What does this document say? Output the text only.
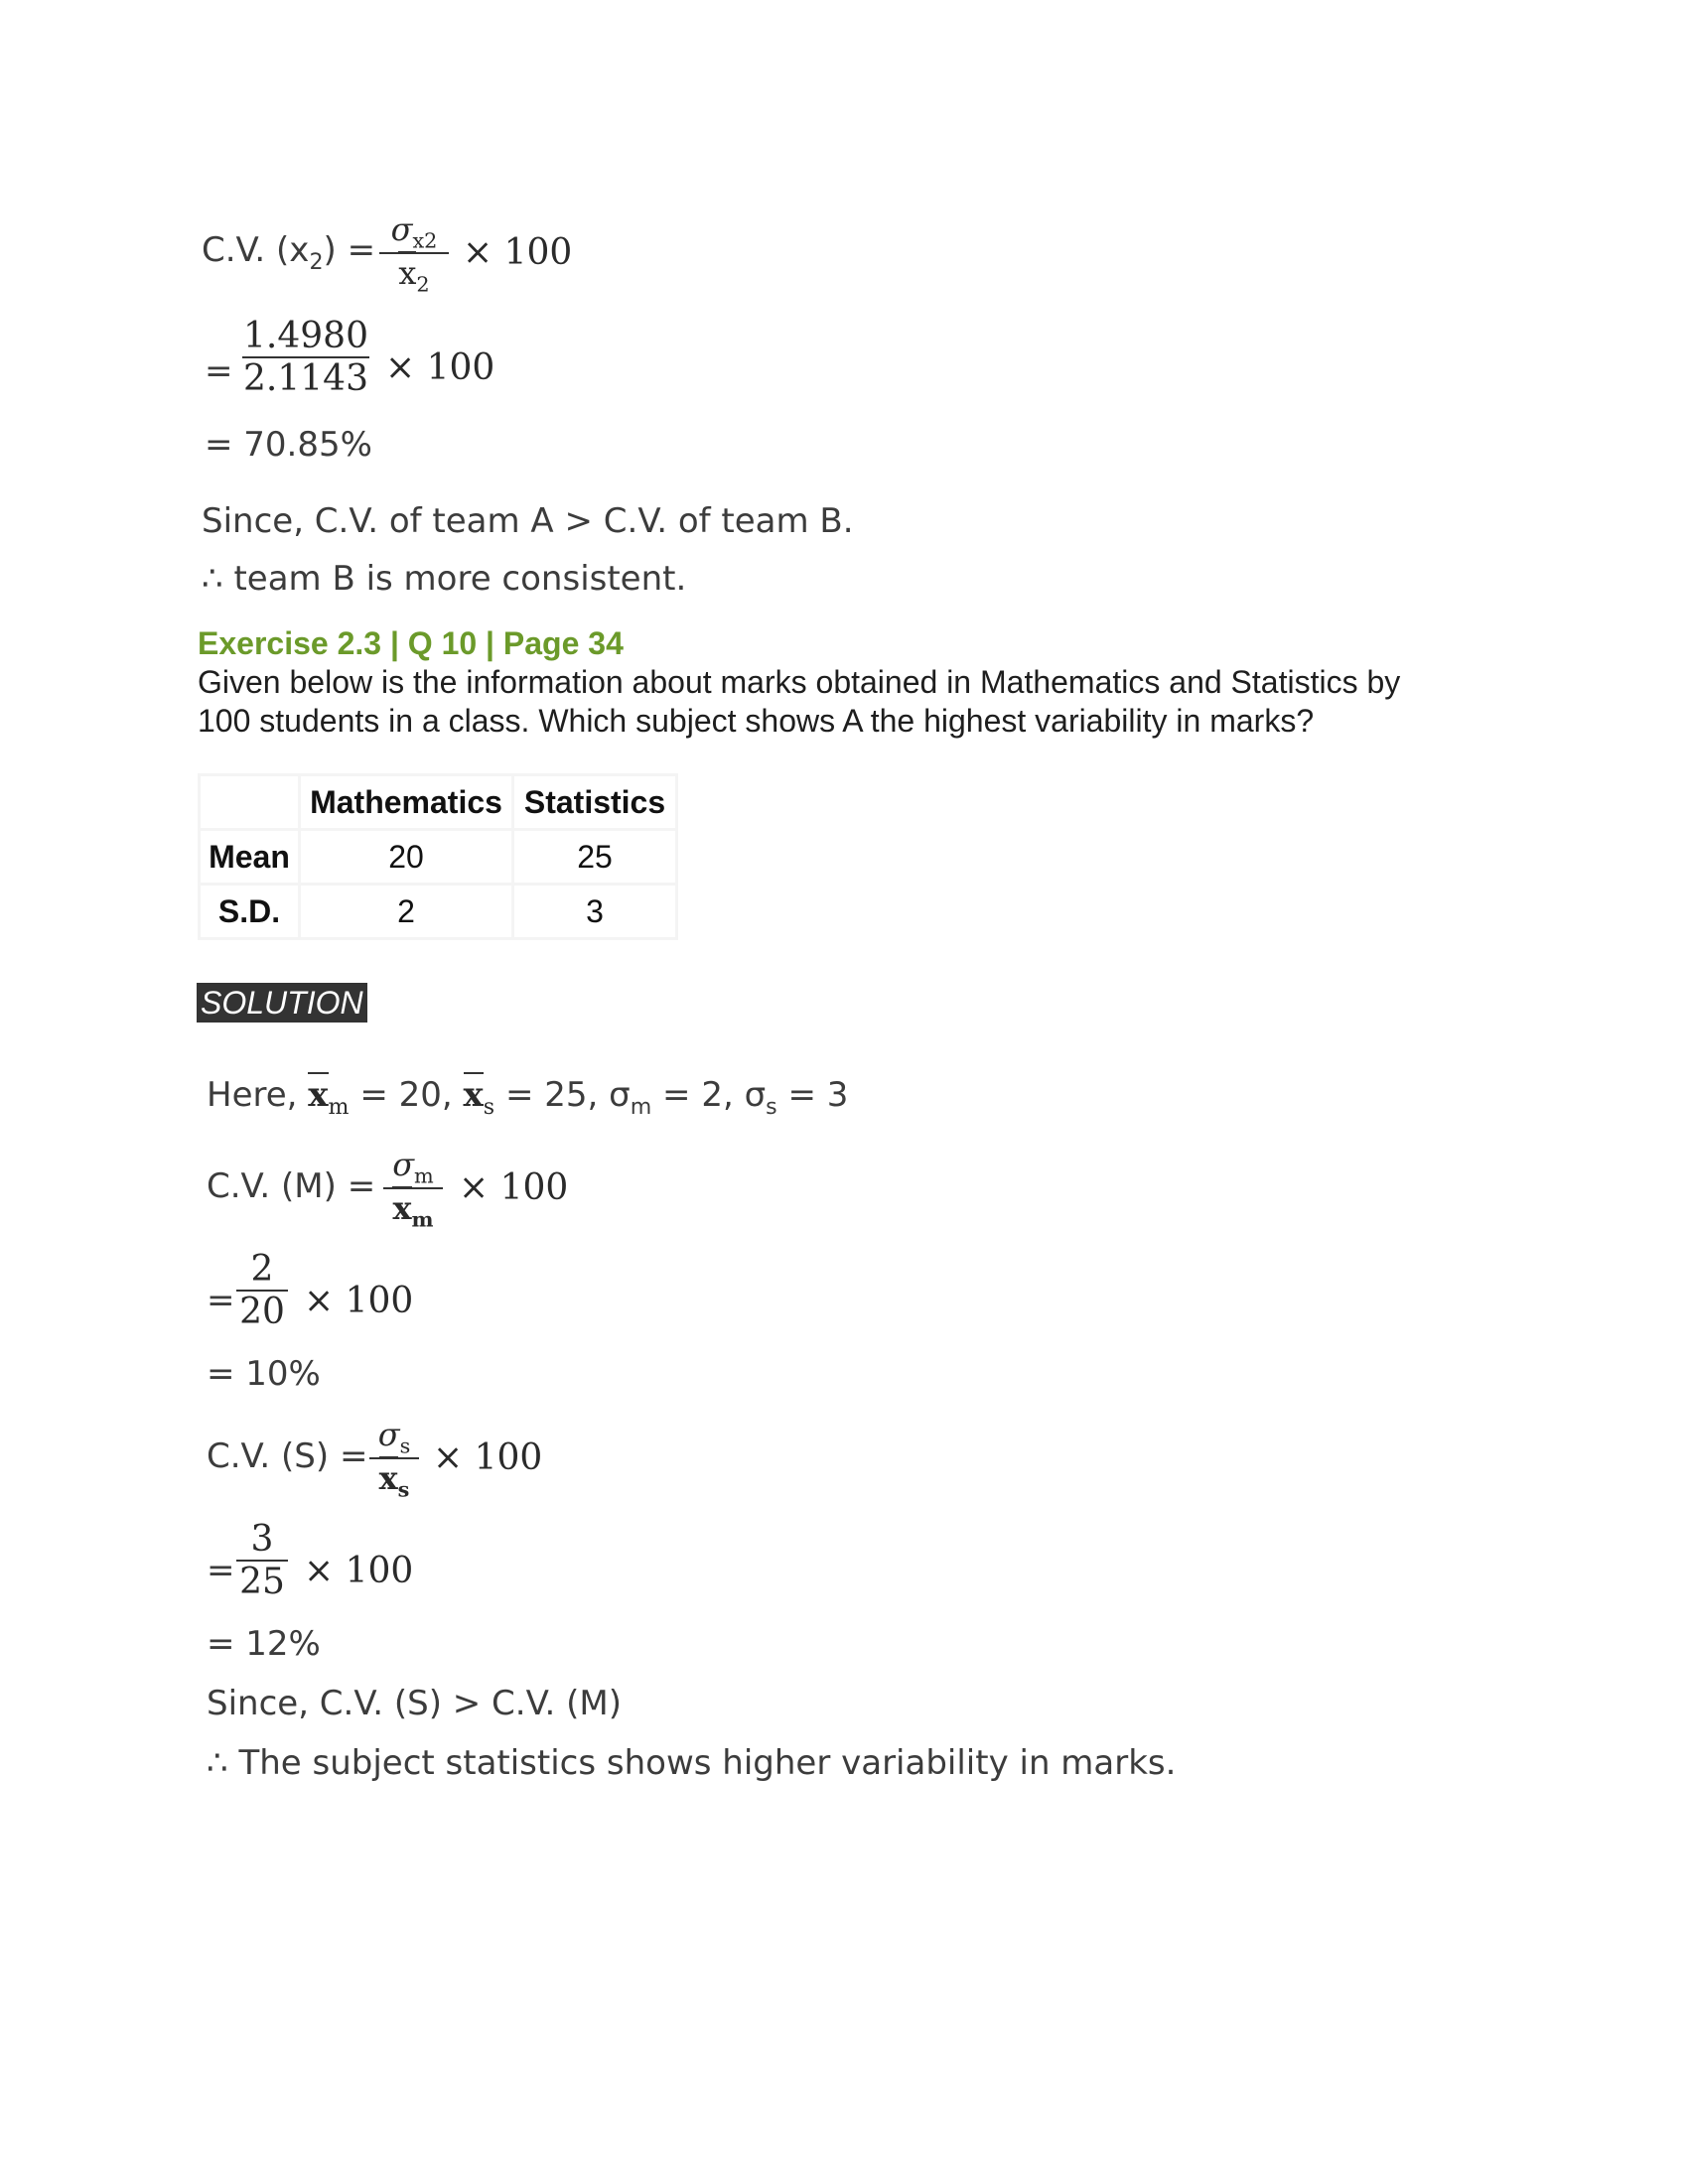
C.V. $(x_2)$ =
$\sigma_{x2}$
$x_2$
× 100
=
1.4980
2.1143 × 100
= 70.85%
Since, C.V. of team A > C.V. of team B.
∴ team B is more consistent.
Exercise 2.3 | Q 10 | Page 34
Given below is the information about marks obtained in Mathematics and Statistics by
100 students in a class. Which subject shows A the highest variability in marks?
	Mathematics	Statistics
Mean	20	25
S.D.	2	3
SOLUTION
Here, $x_m = 20$, $x_s = 25$, $\sigma_m = 2$, $\sigma_s = 3$
C.V. (M) =
$\sigma_m$
$x_m$
× 100
=
2
20 × 100
= 10%
C.V. (S) =
$\sigma_s$
$x_s$
× 100
=
3
25 × 100
= 12%
Since, C.V. (S) > C.V. (M)
∴ The subject statistics shows higher variability in marks.
